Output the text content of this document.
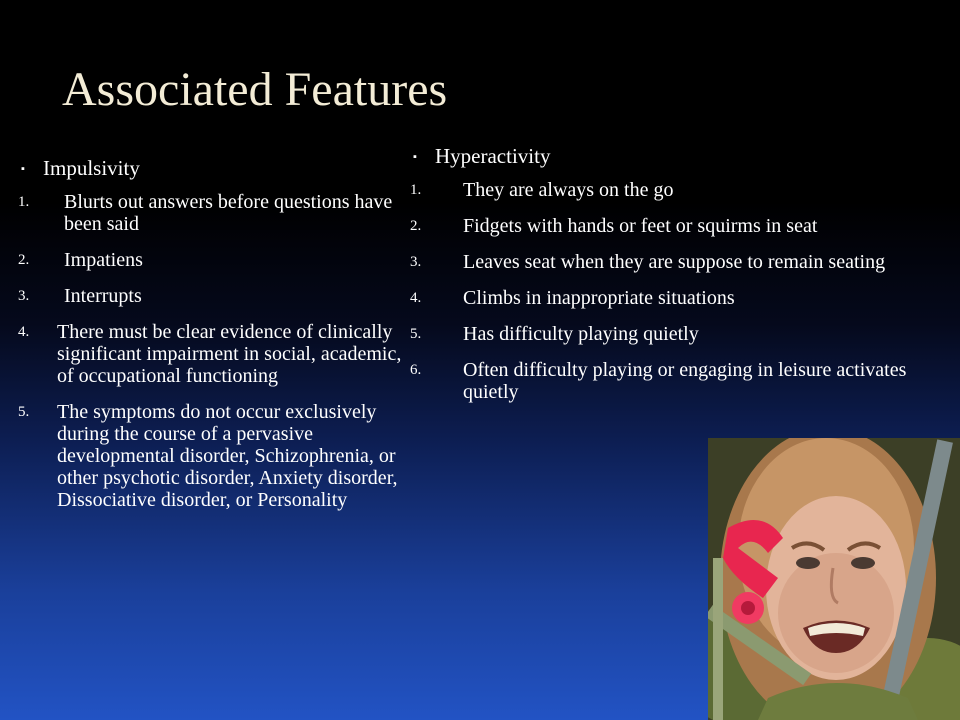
Associated Features
▪ Impulsivity
1.	Blurts out answers before questions have been said
2.	Impatiens
3.	Interrupts
4.	There must be clear evidence of clinically significant impairment in social, academic, of occupational functioning
5.	The symptoms do not occur exclusively during the course of a pervasive developmental disorder, Schizophrenia, or other psychotic disorder, Anxiety disorder, Dissociative disorder, or Personality
▪ Hyperactivity
1.	They are always on the go
2.	Fidgets with hands or feet or squirms in seat
3.	Leaves seat when they are suppose to remain seating
4.	Climbs in inappropriate situations
5.	Has difficulty playing quietly
6.	Often difficulty playing or engaging in leisure activates quietly
